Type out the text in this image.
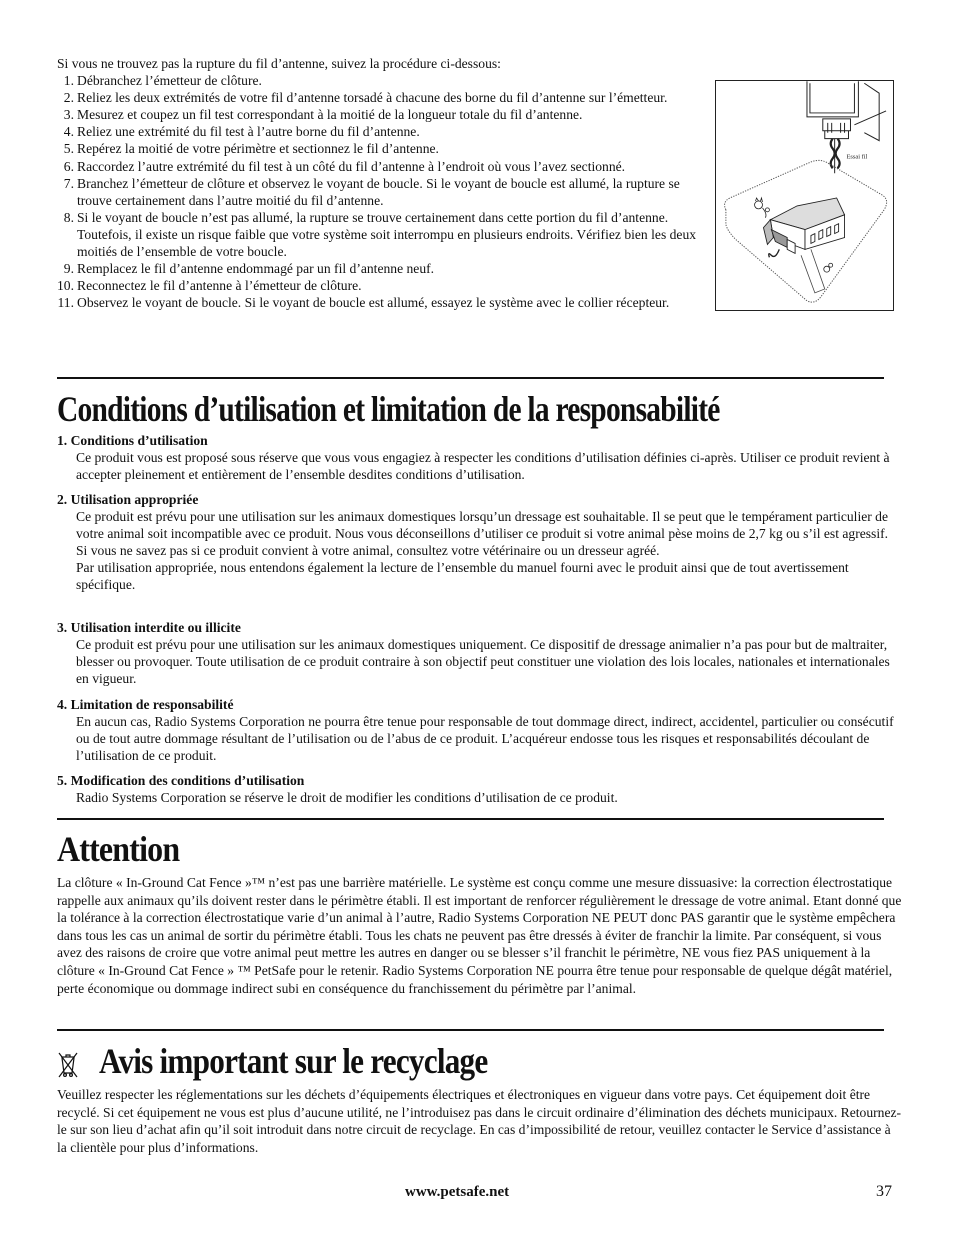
Si vous ne trouvez pas la rupture du fil d’antenne, suivez la procédure ci-dessous:

1. Débranchez l’émetteur de clôture.
2. Reliez les deux extrémités de votre fil d’antenne torsadé à chacune des borne du fil d’antenne sur l’émetteur.
3. Mesurez et coupez un fil test correspondant à la moitié de la longueur totale du fil d’antenne.
4. Reliez une extrémité du fil test à l’autre borne du fil d’antenne.
5. Repérez la moitié de votre périmètre et sectionnez le fil d’antenne.
6. Raccordez l’autre extrémité du fil test à un côté du fil d’antenne à l’endroit où vous l’avez sectionné.
7. Branchez l’émetteur de clôture et observez le voyant de boucle. Si le voyant de boucle est allumé, la rupture se trouve certainement dans l’autre moitié du fil d’antenne.
8. Si le voyant de boucle n’est pas allumé, la rupture se trouve certainement dans cette portion du fil d’antenne. Toutefois, il existe un risque faible que votre système soit interrompu en plusieurs endroits. Vérifiez bien les deux moitiés de l’ensemble de votre boucle.
9. Remplacez le fil d’antenne endommagé par un fil d’antenne neuf.
10. Reconnectez le fil d’antenne à l’émetteur de clôture.
11. Observez le voyant de boucle. Si le voyant de boucle est allumé, essayez le système avec le collier récepteur.
Essai fil
Conditions d’utilisation et limitation de la responsabilité
1. Conditions d’utilisation

Ce produit vous est proposé sous réserve que vous vous engagiez à respecter les conditions d’utilisation définies ci-après. Utiliser ce produit revient à accepter pleinement et entièrement de l’ensemble desdites conditions d’utilisation.

2. Utilisation appropriée

Ce produit est prévu pour une utilisation sur les animaux domestiques lorsqu’un dressage est souhaitable. Il se peut que le tempérament particulier de votre animal soit incompatible avec ce produit. Nous vous déconseillons d’utiliser ce produit si votre animal pèse moins de 2,7 kg ou s’il est agressif. Si vous ne savez pas si ce produit convient à votre animal, consultez votre vétérinaire ou un dresseur agréé.

Par utilisation appropriée, nous entendons également la lecture de l’ensemble du manuel fourni avec le produit ainsi que de tout avertissement spécifique.

3. Utilisation interdite ou illicite

Ce produit est prévu pour une utilisation sur les animaux domestiques uniquement. Ce dispositif de dressage animalier n’a pas pour but de maltraiter, blesser ou provoquer. Toute utilisation de ce produit contraire à son objectif peut constituer une violation des lois locales, nationales et internationales en vigueur.

4. Limitation de responsabilité

En aucun cas, Radio Systems Corporation ne pourra être tenue pour responsable de tout dommage direct, indirect, accidentel, particulier ou consécutif ou de tout autre dommage résultant de l’utilisation ou de l’abus de ce produit. L’acquéreur endosse tous les risques et responsabilités découlant de l’utilisation de ce produit.

5. Modification des conditions d’utilisation

Radio Systems Corporation se réserve le droit de modifier les conditions d’utilisation de ce produit.

Attention
La clôture « In-Ground Cat Fence »™ n’est pas une barrière matérielle. Le système est conçu comme une mesure dissuasive: la correction électrostatique rappelle aux animaux qu’ils doivent rester dans le périmètre établi. Il est important de renforcer régulièrement le dressage de votre animal. Etant donné que la tolérance à la correction électrostatique varie d’un animal à l’autre, Radio Systems Corporation NE PEUT donc PAS garantir que le système empêchera dans tous les cas un animal de sortir du périmètre établi. Tous les chats ne peuvent pas être dressés à éviter de franchir la limite. Par conséquent, si vous avez des raisons de croire que votre animal peut mettre les autres en danger ou se blesser s’il franchit le périmètre, NE vous fiez PAS uniquement à la clôture « In-Ground Cat Fence » ™ PetSafe pour le retenir. Radio Systems Corporation NE pourra être tenue pour responsable de quelque dégât matériel, perte économique ou dommage indirect subi en conséquence du franchissement du périmètre par l’animal.
Avis important sur le recyclage
Veuillez respecter les réglementations sur les déchets d’équipements électriques et électroniques en vigueur dans votre pays. Cet équipement doit être recyclé. Si cet équipement ne vous est plus d’aucune utilité, ne l’introduisez pas dans le circuit ordinaire d’élimination des déchets municipaux. Retournez-le sur son lieu d’achat afin qu’il soit introduit dans notre circuit de recyclage. En cas d’impossibilité de retour, veuillez contacter le Service d’assistance à la clientèle pour plus d’informations.
www.petsafe.net	37
